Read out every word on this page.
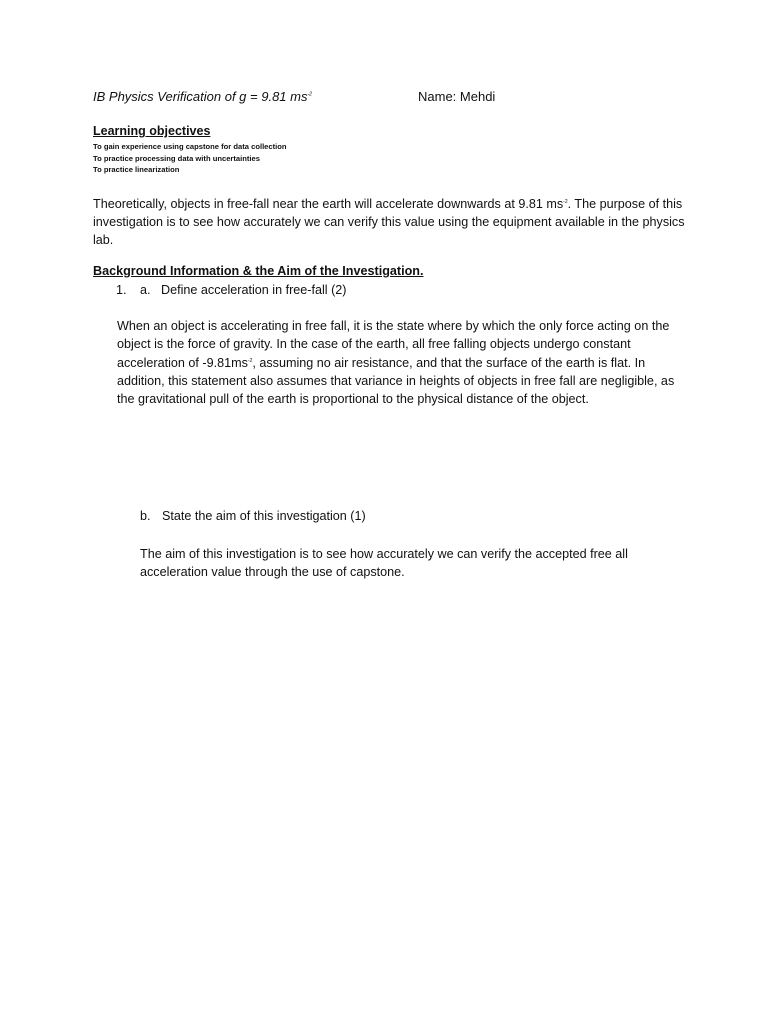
IB Physics Verification of g = 9.81 $ms^{-2}$	Name: Mehdi
Learning objectives
To gain experience using capstone for data collection
To practice processing data with uncertainties
To practice linearization
Theoretically, objects in free-fall near the earth will accelerate downwards at 9.81 $ms^{-2}$. The purpose of this investigation is to see how accurately we can verify this value using the equipment available in the physics lab.
Background Information & the Aim of the Investigation.
1. a. Define acceleration in free-fall (2)
When an object is accelerating in free fall, it is the state where by which the only force acting on the object is the force of gravity. In the case of the earth, all free falling objects undergo constant acceleration of $-9.81ms^{-2}$, assuming no air resistance, and that the surface of the earth is flat. In addition, this statement also assumes that variance in heights of objects in free fall are negligible, as the gravitational pull of the earth is proportional to the physical distance of the object.
b. State the aim of this investigation (1)
The aim of this investigation is to see how accurately we can verify the accepted free all acceleration value through the use of capstone.
